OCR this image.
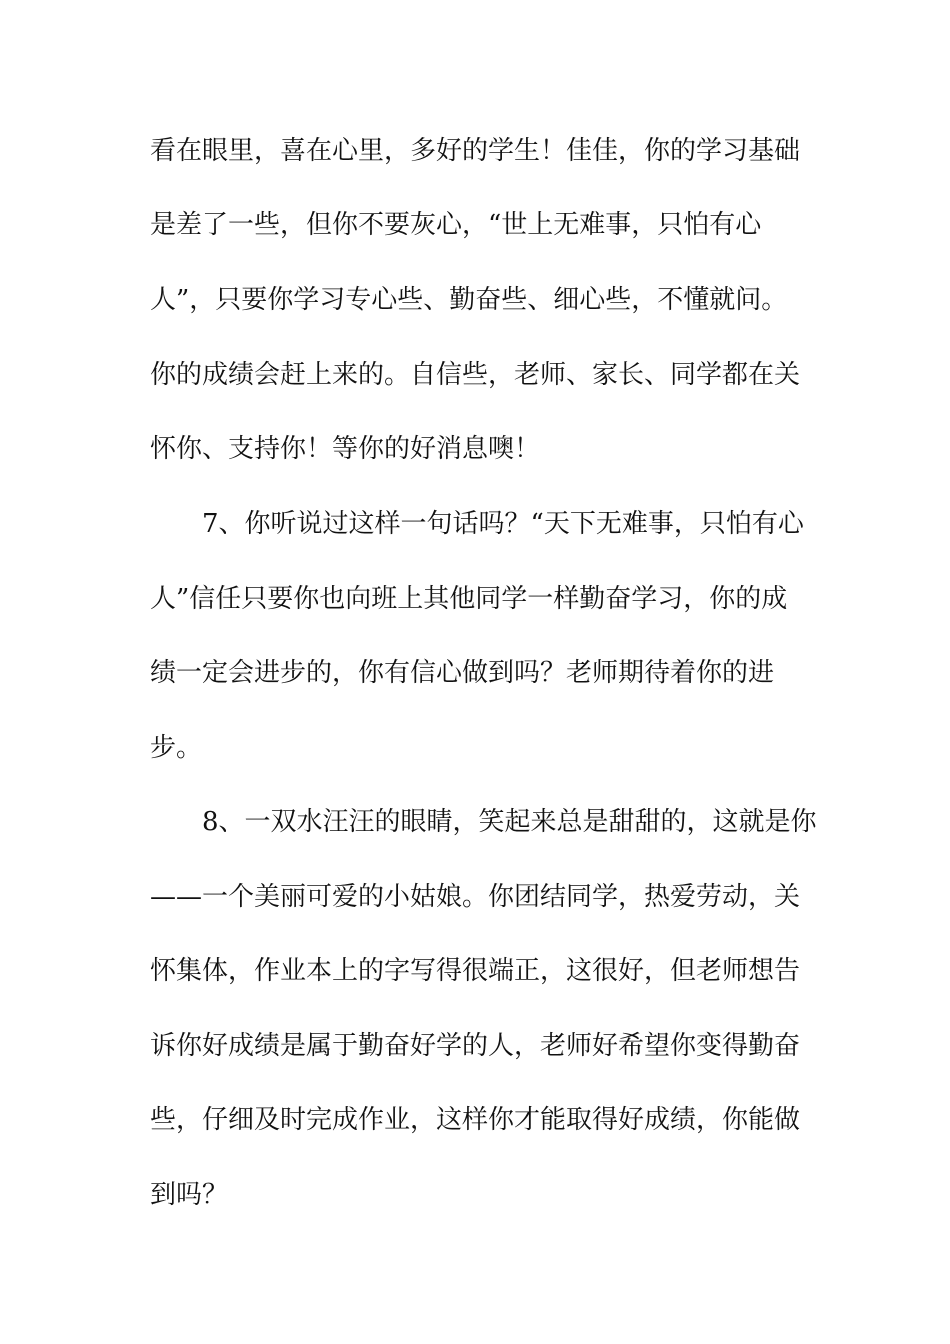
看在眼里，喜在心里，多好的学生！佳佳，你的学习基础
是差了一些，但你不要灰心，“世上无难事，只怕有心
人”，只要你学习专心些、勤奋些、细心些，不懂就问。
你的成绩会赶上来的。自信些，老师、家长、同学都在关
怀你、支持你！等你的好消息噢！
7、你听说过这样一句话吗？“天下无难事，只怕有心
人”信任只要你也向班上其他同学一样勤奋学习，你的成
绩一定会进步的，你有信心做到吗？老师期待着你的进
步。
8、一双水汪汪的眼睛，笑起来总是甜甜的，这就是你
——一个美丽可爱的小姑娘。你团结同学，热爱劳动，关
怀集体，作业本上的字写得很端正，这很好，但老师想告
诉你好成绩是属于勤奋好学的人，老师好希望你变得勤奋
些，仔细及时完成作业，这样你才能取得好成绩，你能做
到吗？
